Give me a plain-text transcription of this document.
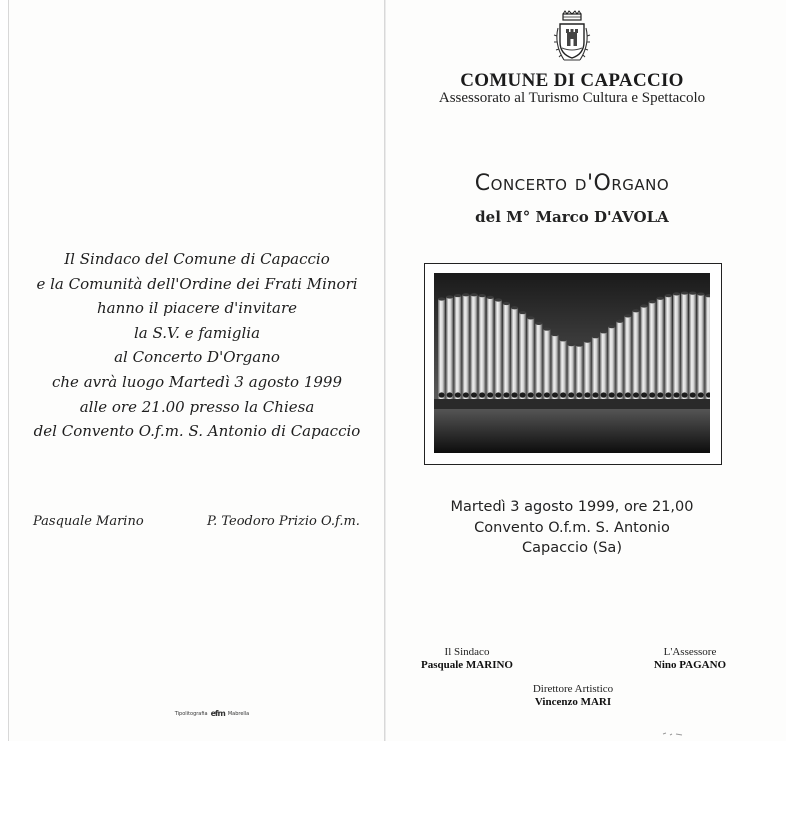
Il Sindaco del Comune di Capaccio
e la Comunità dell'Ordine dei Frati Minori
hanno il piacere d'invitare
la S.V. e famiglia
al Concerto D'Organo
che avrà luogo Martedì 3 agosto 1999
alle ore 21.00 presso la Chiesa
del Convento O.f.m. S. Antonio di Capaccio
Pasquale Marino	P. Teodoro Prizio O.f.m.
Tipolitografia efm Mabrella
COMUNE DI CAPACCIO
Assessorato al Turismo Cultura e Spettacolo
Concerto d'Organo
del M° Marco D'AVOLA
Martedì 3 agosto 1999, ore 21,00
Convento O.f.m. S. Antonio
Capaccio (Sa)
Il Sindaco
Pasquale MARINO
L'Assessore
Nino PAGANO
Direttore Artistico
Vincenzo MARI
